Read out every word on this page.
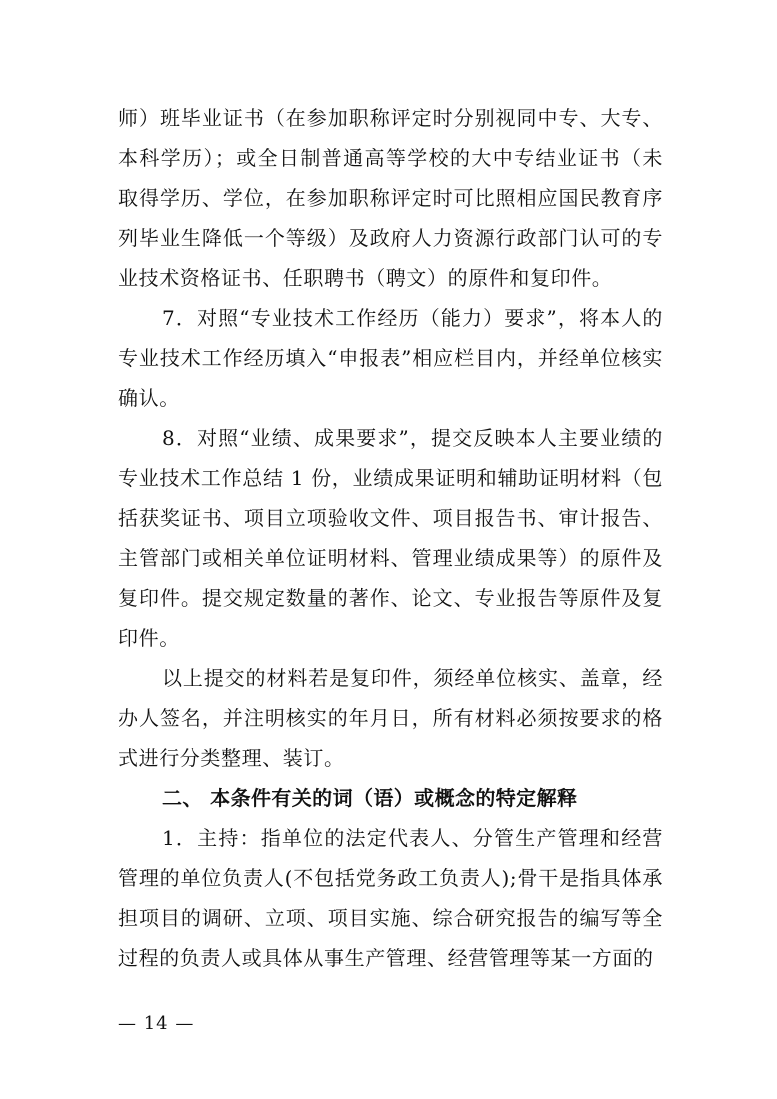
师）班毕业证书（在参加职称评定时分别视同中专、大专、本科学历）；或全日制普通高等学校的大中专结业证书（未取得学历、学位，在参加职称评定时可比照相应国民教育序列毕业生降低一个等级）及政府人力资源行政部门认可的专业技术资格证书、任职聘书（聘文）的原件和复印件。

7．对照“专业技术工作经历（能力）要求”，将本人的专业技术工作经历填入“申报表”相应栏目内，并经单位核实确认。

8．对照“业绩、成果要求”，提交反映本人主要业绩的专业技术工作总结 1 份，业绩成果证明和辅助证明材料（包括获奖证书、项目立项验收文件、项目报告书、审计报告、主管部门或相关单位证明材料、管理业绩成果等）的原件及复印件。提交规定数量的著作、论文、专业报告等原件及复印件。

以上提交的材料若是复印件，须经单位核实、盖章，经办人签名，并注明核实的年月日，所有材料必须按要求的格式进行分类整理、装订。

二、 本条件有关的词（语）或概念的特定解释

1．主持：指单位的法定代表人、分管生产管理和经营管理的单位负责人(不包括党务政工负责人);骨干是指具体承担项目的调研、立项、项目实施、综合研究报告的编写等全过程的负责人或具体从事生产管理、经营管理等某一方面的

— 14 —
